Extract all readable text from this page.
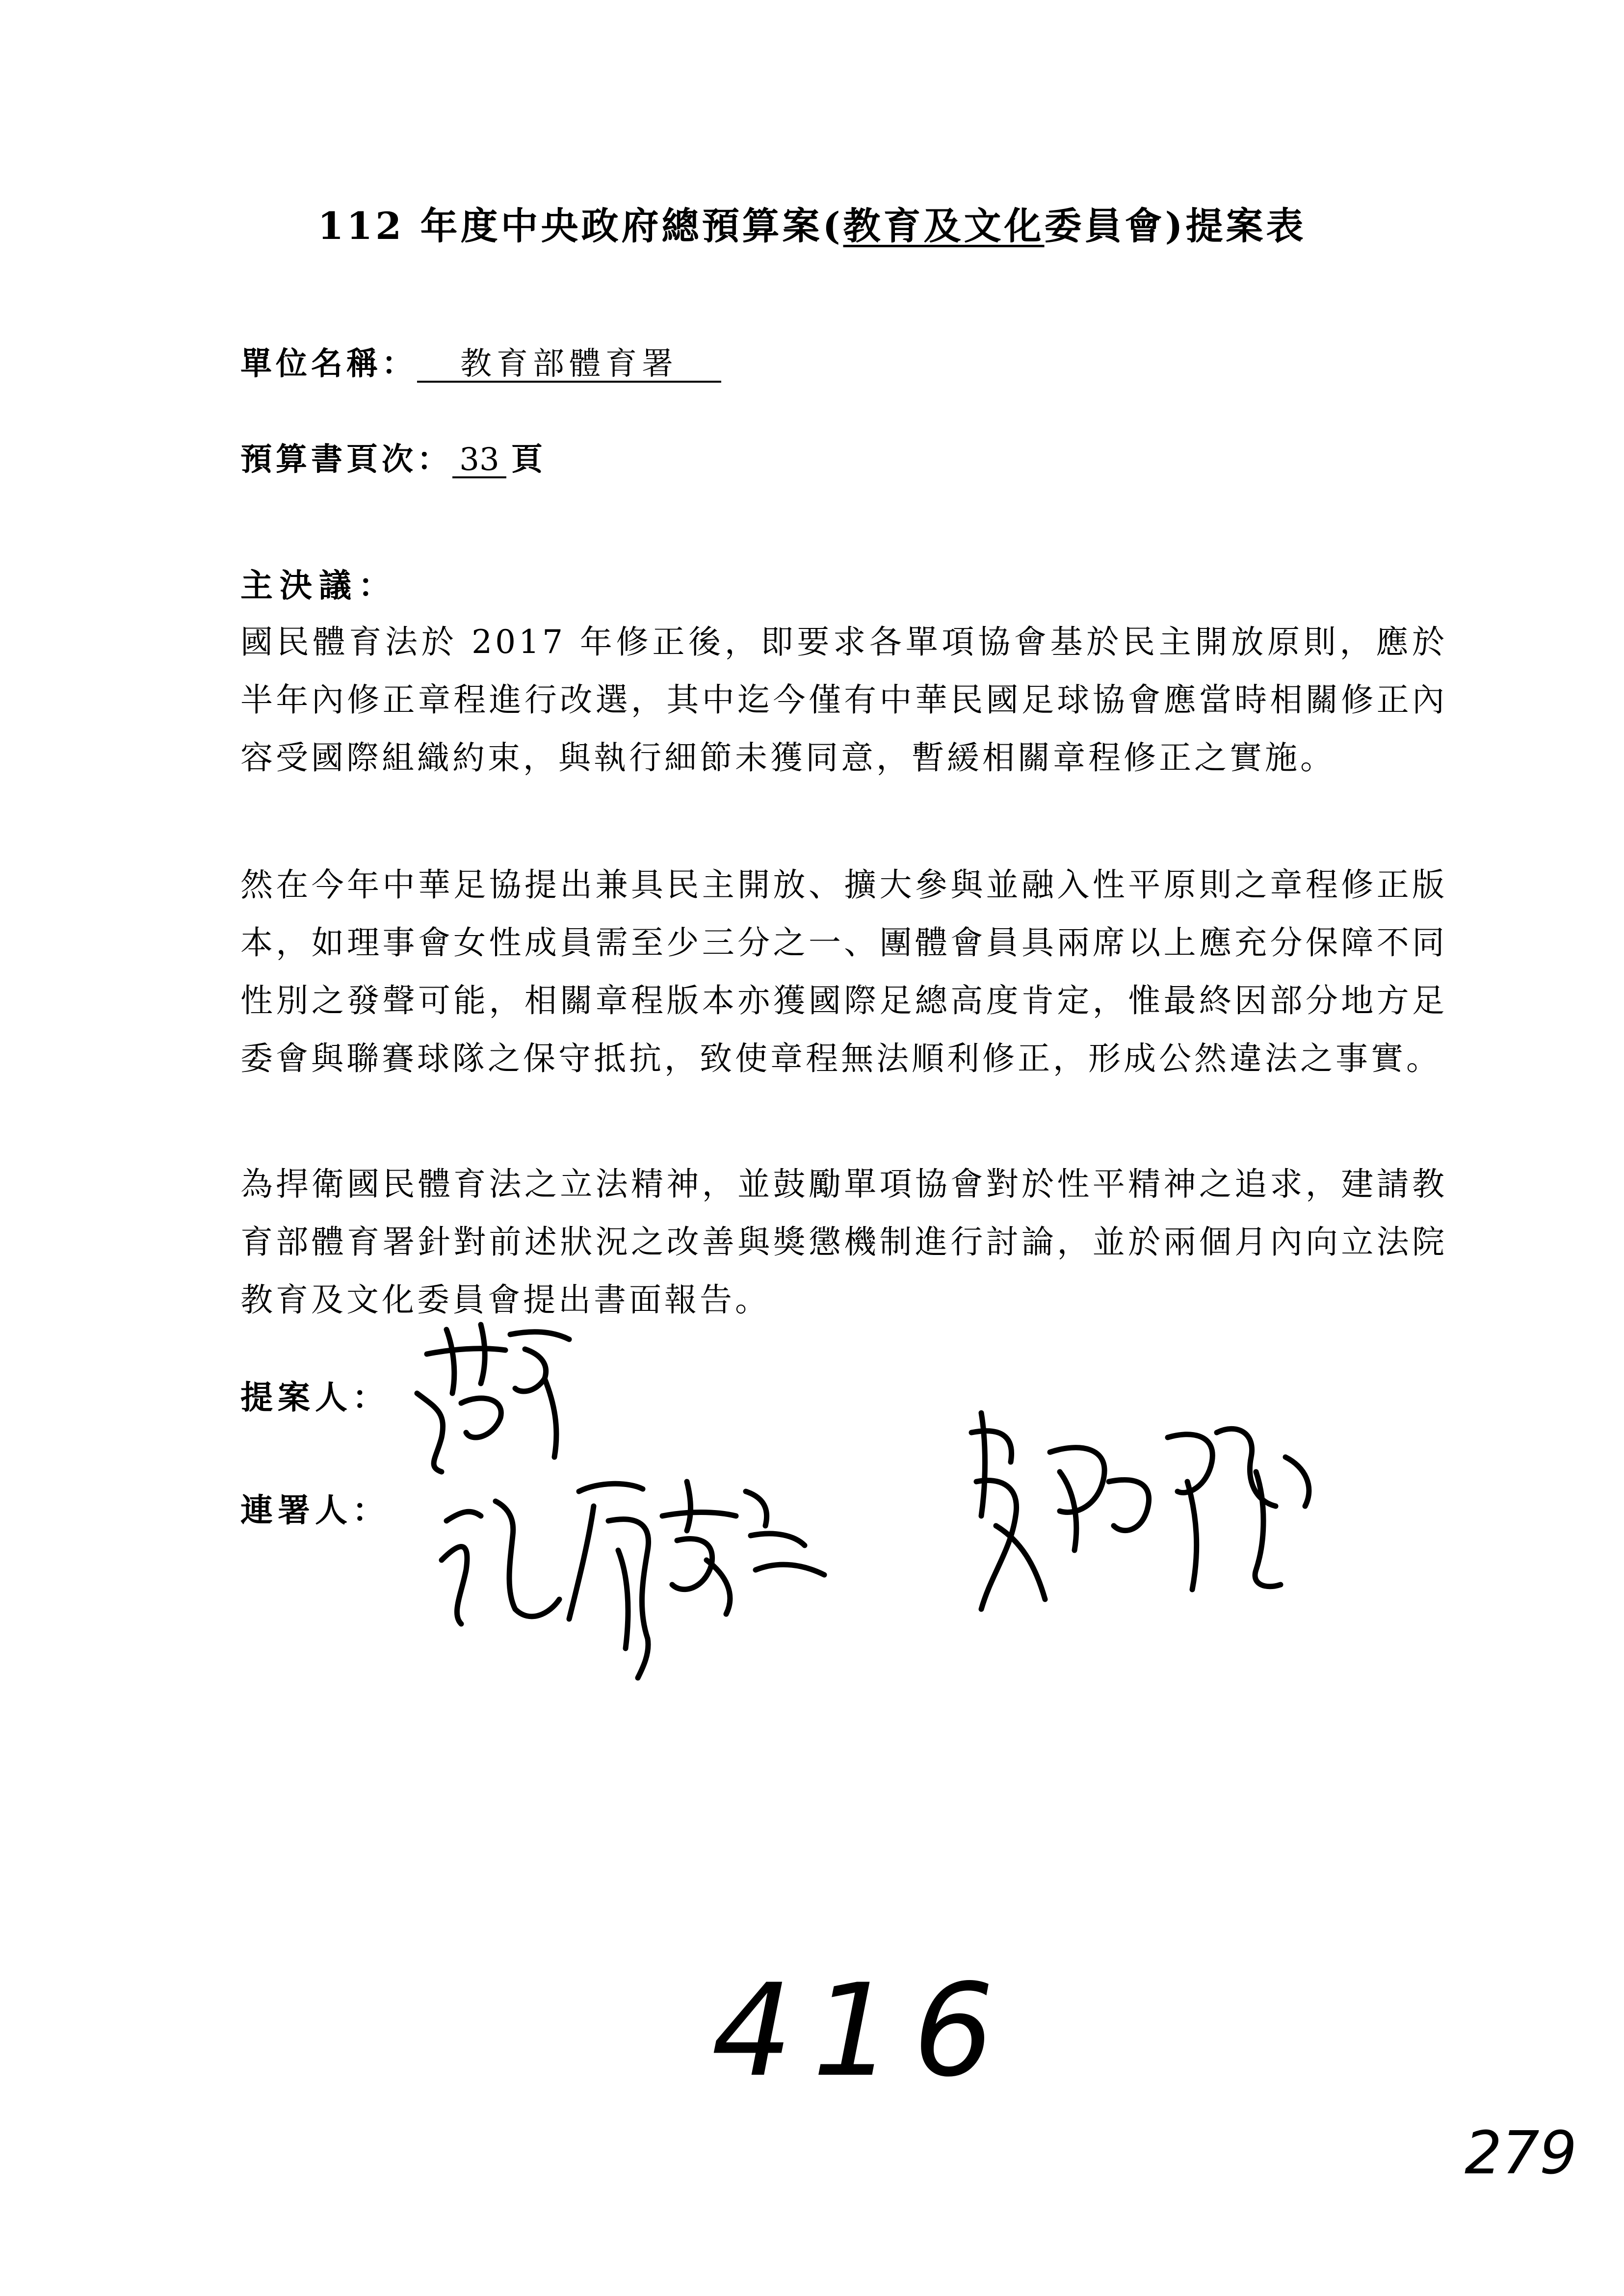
112 年度中央政府總預算案(教育及文化委員會)提案表
單位名稱： 教育部體育署
預算書頁次： 33 頁
主決議：
國民體育法於 2017 年修正後，即要求各單項協會基於民主開放原則，應於半年內修正章程進行改選，其中迄今僅有中華民國足球協會應當時相關修正內容受國際組織約束，與執行細節未獲同意，暫緩相關章程修正之實施。
然在今年中華足協提出兼具民主開放、擴大參與並融入性平原則之章程修正版本，如理事會女性成員需至少三分之一、團體會員具兩席以上應充分保障不同性別之發聲可能，相關章程版本亦獲國際足總高度肯定，惟最終因部分地方足委會與聯賽球隊之保守抵抗，致使章程無法順利修正，形成公然違法之事實。
為捍衛國民體育法之立法精神，並鼓勵單項協會對於性平精神之追求，建請教育部體育署針對前述狀況之改善與獎懲機制進行討論，並於兩個月內向立法院教育及文化委員會提出書面報告。
提案人：
連署人：
416
279
